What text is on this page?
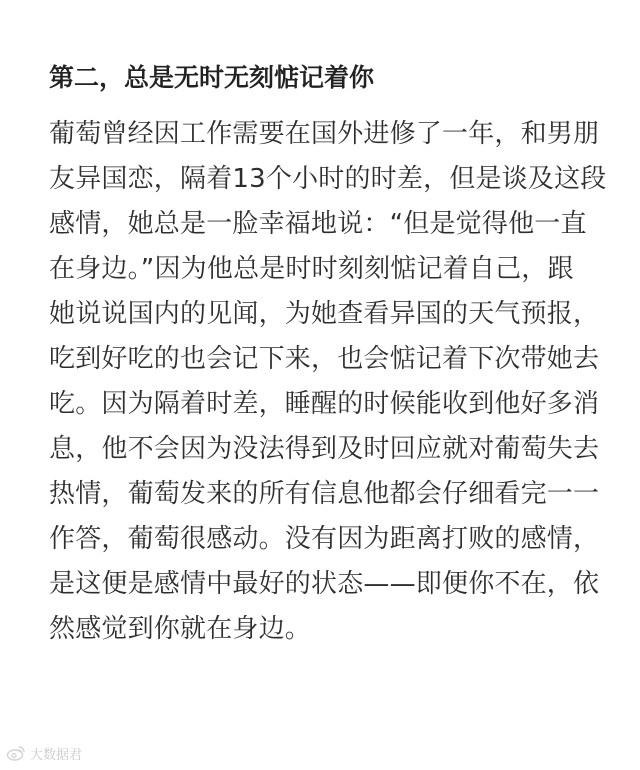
第二，总是无时无刻惦记着你
葡萄曾经因工作需要在国外进修了一年，和男朋
友异国恋，隔着13个小时的时差，但是谈及这段
感情，她总是一脸幸福地说：“但是觉得他一直
在身边。”因为他总是时时刻刻惦记着自己，跟
她说说国内的见闻，为她查看异国的天气预报，
吃到好吃的也会记下来，也会惦记着下次带她去
吃。因为隔着时差，睡醒的时候能收到他好多消
息，他不会因为没法得到及时回应就对葡萄失去
热情，葡萄发来的所有信息他都会仔细看完一一
作答，葡萄很感动。没有因为距离打败的感情，
是这便是感情中最好的状态——即便你不在，依
然感觉到你就在身边。
大数据君
